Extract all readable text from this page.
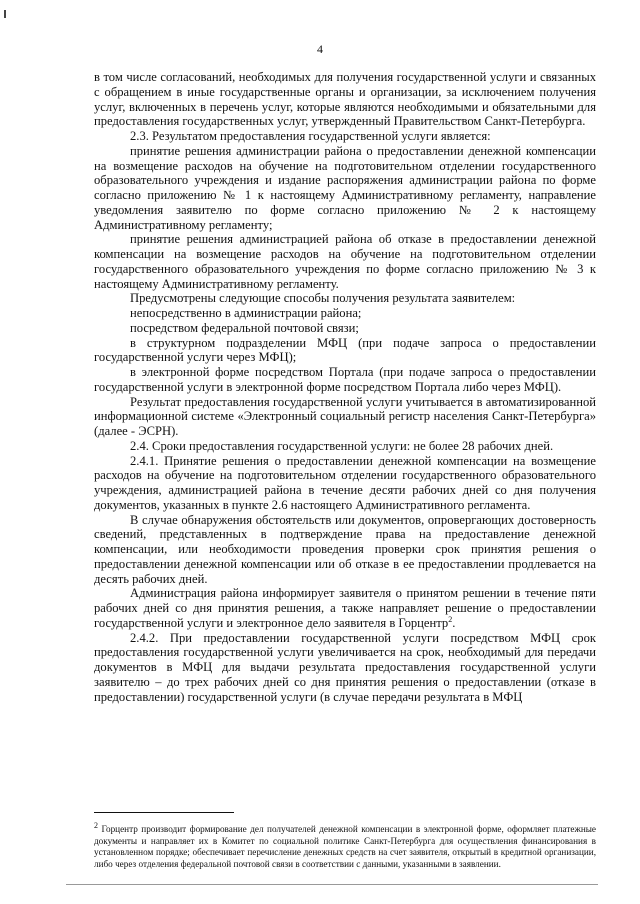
4

в том числе согласований, необходимых для получения государственной услуги и связанных с обращением в иные государственные органы и организации, за исключением получения услуг, включенных в перечень услуг, которые являются необходимыми и обязательными для предоставления государственных услуг, утвержденный Правительством Санкт-Петербурга.

2.3. Результатом предоставления государственной услуги является:

принятие решения администрации района о предоставлении денежной компенсации на возмещение расходов на обучение на подготовительном отделении государственного образовательного учреждения и издание распоряжения администрации района по форме согласно приложению № 1 к настоящему Административному регламенту, направление уведомления заявителю по форме согласно приложению № 2 к настоящему Административному регламенту;

принятие решения администрацией района об отказе в предоставлении денежной компенсации на возмещение расходов на обучение на подготовительном отделении государственного образовательного учреждения по форме согласно приложению № 3 к настоящему Административному регламенту.

Предусмотрены следующие способы получения результата заявителем:

непосредственно в администрации района;

посредством федеральной почтовой связи;

в структурном подразделении МФЦ (при подаче запроса о предоставлении государственной услуги через МФЦ);

в электронной форме посредством Портала (при подаче запроса о предоставлении государственной услуги в электронной форме посредством Портала либо через МФЦ).

Результат предоставления государственной услуги учитывается в автоматизированной информационной системе «Электронный социальный регистр населения Санкт-Петербурга» (далее - ЭСРН).

2.4. Сроки предоставления государственной услуги: не более 28 рабочих дней.

2.4.1. Принятие решения о предоставлении денежной компенсации на возмещение расходов на обучение на подготовительном отделении государственного образовательного учреждения, администрацией района в течение десяти рабочих дней со дня получения документов, указанных в пункте 2.6 настоящего Административного регламента.

В случае обнаружения обстоятельств или документов, опровергающих достоверность сведений, представленных в подтверждение права на предоставление денежной компенсации, или необходимости проведения проверки срок принятия решения о предоставлении денежной компенсации или об отказе в ее предоставлении продлевается на десять рабочих дней.

Администрация района информирует заявителя о принятом решении в течение пяти рабочих дней со дня принятия решения, а также направляет решение о предоставлении государственной услуги и электронное дело заявителя в Горцентр$^2$.

2.4.2. При предоставлении государственной услуги посредством МФЦ срок предоставления государственной услуги увеличивается на срок, необходимый для передачи документов в МФЦ для выдачи результата предоставления государственной услуги заявителю – до трех рабочих дней со дня принятия решения о предоставлении (отказе в предоставлении) государственной услуги (в случае передачи результата в МФЦ

$^2$ Горцентр производит формирование дел получателей денежной компенсации в электронной форме, оформляет платежные документы и направляет их в Комитет по социальной политике Санкт-Петербурга для осуществления финансирования в установленном порядке; обеспечивает перечисление денежных средств на счет заявителя, открытый в кредитной организации, либо через отделения федеральной почтовой связи в соответствии с данными, указанными в заявлении.
